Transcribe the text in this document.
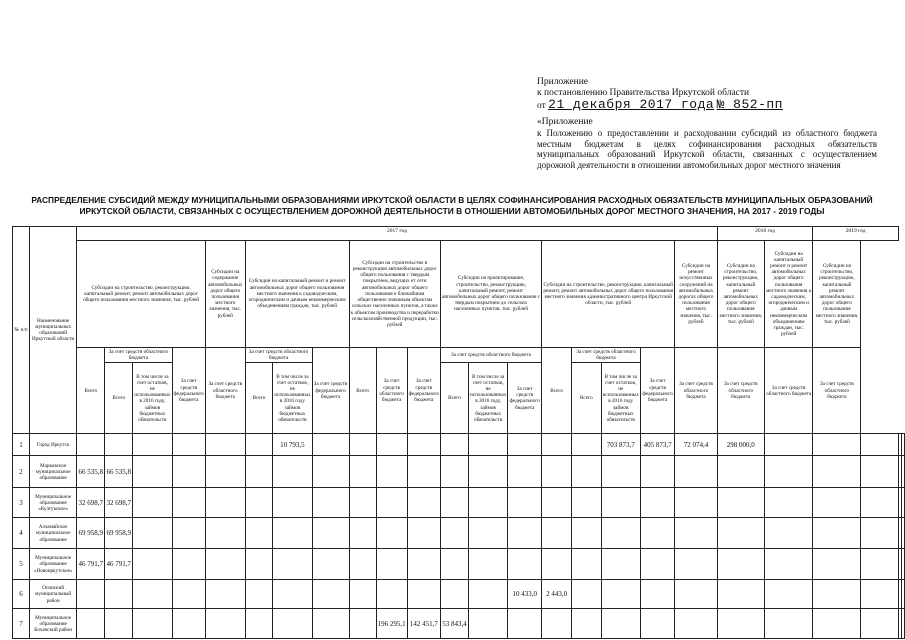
Приложение
к постановлению Правительства Иркутской области
от 21 декабря 2017 года № 852-пп
«Приложение
к Положению о предоставлении и расходовании субсидий из областного бюджета местным бюджетам в целях софинансирования расходных обязательств муниципальных образований Иркутской области, связанных с осуществлением дорожной деятельности в отношении автомобильных дорог местного значения
РАСПРЕДЕЛЕНИЕ СУБСИДИЙ МЕЖДУ МУНИЦИПАЛЬНЫМИ ОБРАЗОВАНИЯМИ ИРКУТСКОЙ ОБЛАСТИ В ЦЕЛЯХ СОФИНАНСИРОВАНИЯ РАСХОДНЫХ ОБЯЗАТЕЛЬСТВ МУНИЦИПАЛЬНЫХ ОБРАЗОВАНИЙ ИРКУТСКОЙ ОБЛАСТИ, СВЯЗАННЫХ С ОСУЩЕСТВЛЕНИЕМ ДОРОЖНОЙ ДЕЯТЕЛЬНОСТИ В ОТНОШЕНИИ АВТОМОБИЛЬНЫХ ДОРОГ МЕСТНОГО ЗНАЧЕНИЯ, НА 2017 - 2019 ГОДЫ
№ п/п	Наименование муниципальных образований Иркутской области	2017 год																			2018 год		2019 год			
		Субсидии на строительство, реконструкцию, капитальный ремонт, ремонт автомобильных дорог общего пользования местного значения, тыс. рублей				Субсидии на содержание автомобильных дорог общего пользования местного значения, тыс. рублей	Субсидии на капитальный ремонт и ремонт автомобильных дорог общего пользования местного значения к садоводческим, огородническим и дачным некоммерческим объединениям граждан, тыс. рублей			Субсидии на строительство и реконструкцию автомобильных дорог общего пользования с твердым покрытием, ведущих от сети автомобильных дорог общего пользования к ближайшим общественно значимым объектам сельских населенных пунктов, а также к объектам производства и переработки сельскохозяйственной продукции, тыс. рублей			Субсидии на проектирование, строительство, реконструкцию, капитальный ремонт, ремонт автомобильных дорог общего пользования с твердым покрытием до сельских населенных пунктов, тыс. рублей			Субсидии на строительство, реконструкцию, капитальный ремонт, ремонт автомобильных дорог общего пользования местного значения административного центра Иркутской области, тыс. рублей				Субсидии на ремонт искусственных сооружений на автомобильных дорогах общего пользования местного значения, тыс. рублей	Субсидии на строительство, реконструкцию, капитальный ремонт автомобильных дорог общего пользования местного значения, тыс. рублей	Субсидии на капитальный ремонт и ремонт автомобильных дорог общего пользования местного значения к садоводческим, огородническим и дачным некоммерческим объединениям граждан, тыс. рублей	Субсидии на строительство, реконструкцию, капитальный ремонт автомобильных дорог общего пользования местного значения, тыс. рублей			
		Всего	За счет средств областного бюджета		За счет средств федерального бюджета	За счет средств областного бюджета	За счет средств областного бюджета		За счет средств федерального бюджета	Всего	За счет средств областного бюджета	За счет средств федерального бюджета	За счет средств областного бюджета			Всего	За счет средств областного бюджета		За счет средств федерального бюджета	За счет средств областного бюджета	За счет средств областного бюджета	За счет средств областного бюджета	За счет средств областного бюджета			
			Всего	В том числе за счет остатков, не использованных в 2016 году, займов бюджетных обязательств			Всего	В том числе за счет остатков, не использованных в 2016 году займов бюджетных обязательств					Всего	В том числе за счет остатков, не использованных в 2016 году, займов бюджетных обязательств	За счет средств федерального бюджета		Всего	В том числе за счет остатков, не использованных в 2016 году займов бюджетных обязательств								
1	Город Иркутск							10 793,5										703 873,7	405 873,7	72 074,4	298 000,0					
2	Марковское муниципальное образование	66 535,8	66 535,8																							
3	Муниципальное образование «Култукское»	32 698,7	32 698,7																							
4	Алзамайское муниципальное образование	69 958,9	69 958,9																							
5	Муниципальное образование «Новоиркутское»	46 791,7	46 791,7																							
6	Осинский муниципальный район														10 433,0	2 443,0										
7	Муниципальное образование Боханский район										196 295,1	142 451,7	53 843,4													
